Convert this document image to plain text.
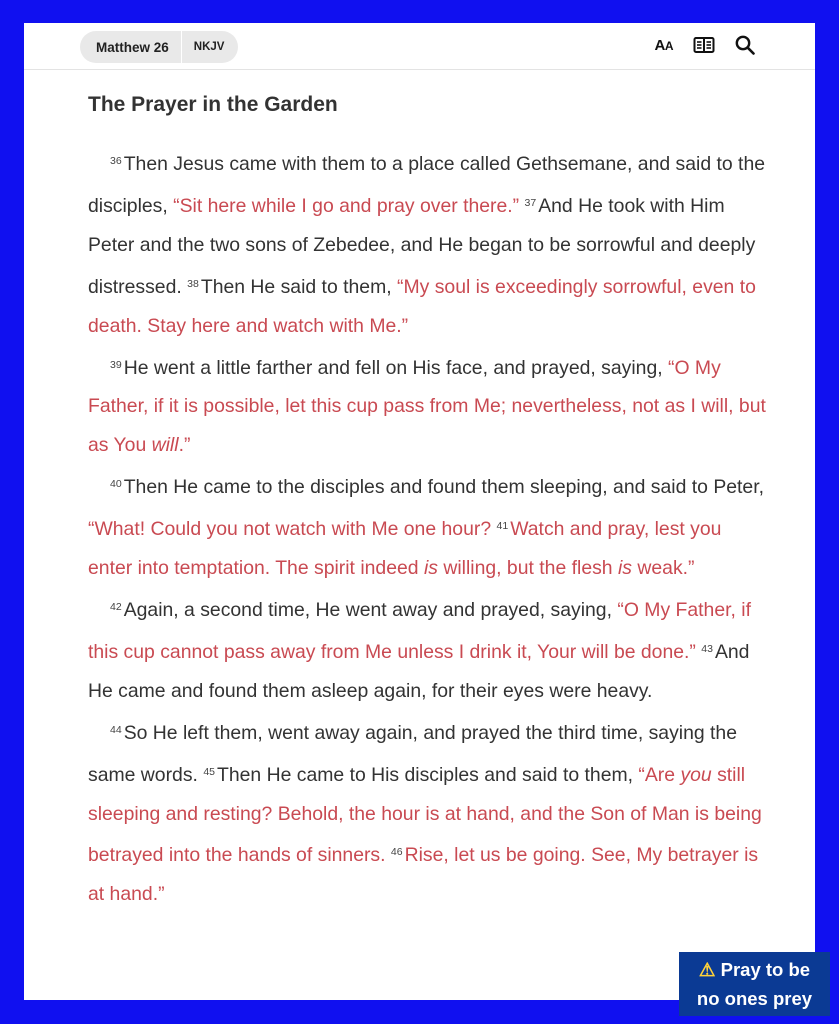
Matthew 26	NKJV	AA
The Prayer in the Garden

$^{36}$ Then Jesus came with them to a place called Gethsemane, and said to the disciples, “Sit here while I go and pray over there.” $^{37}$ And He took with Him Peter and the two sons of Zebedee, and He began to be sorrowful and deeply distressed. $^{38}$ Then He said to them, “My soul is exceedingly sorrowful, even to death. Stay here and watch with Me.”

$^{39}$ He went a little farther and fell on His face, and prayed, saying, “O My Father, if it is possible, let this cup pass from Me; nevertheless, not as I will, but as You will.”

$^{40}$ Then He came to the disciples and found them sleeping, and said to Peter, “What! Could you not watch with Me one hour? $^{41}$ Watch and pray, lest you enter into temptation. The spirit indeed is willing, but the flesh is weak.”

$^{42}$ Again, a second time, He went away and prayed, saying, “O My Father, if this cup cannot pass away from Me unless I drink it, Your will be done.” $^{43}$ And He came and found them asleep again, for their eyes were heavy.

$^{44}$ So He left them, went away again, and prayed the third time, saying the same words. $^{45}$ Then He came to His disciples and said to them, “Are you still sleeping and resting? Behold, the hour is at hand, and the Son of Man is being betrayed into the hands of sinners. $^{46}$ Rise, let us be going. See, My betrayer is at hand.”

⚠ Pray to be
no ones prey
